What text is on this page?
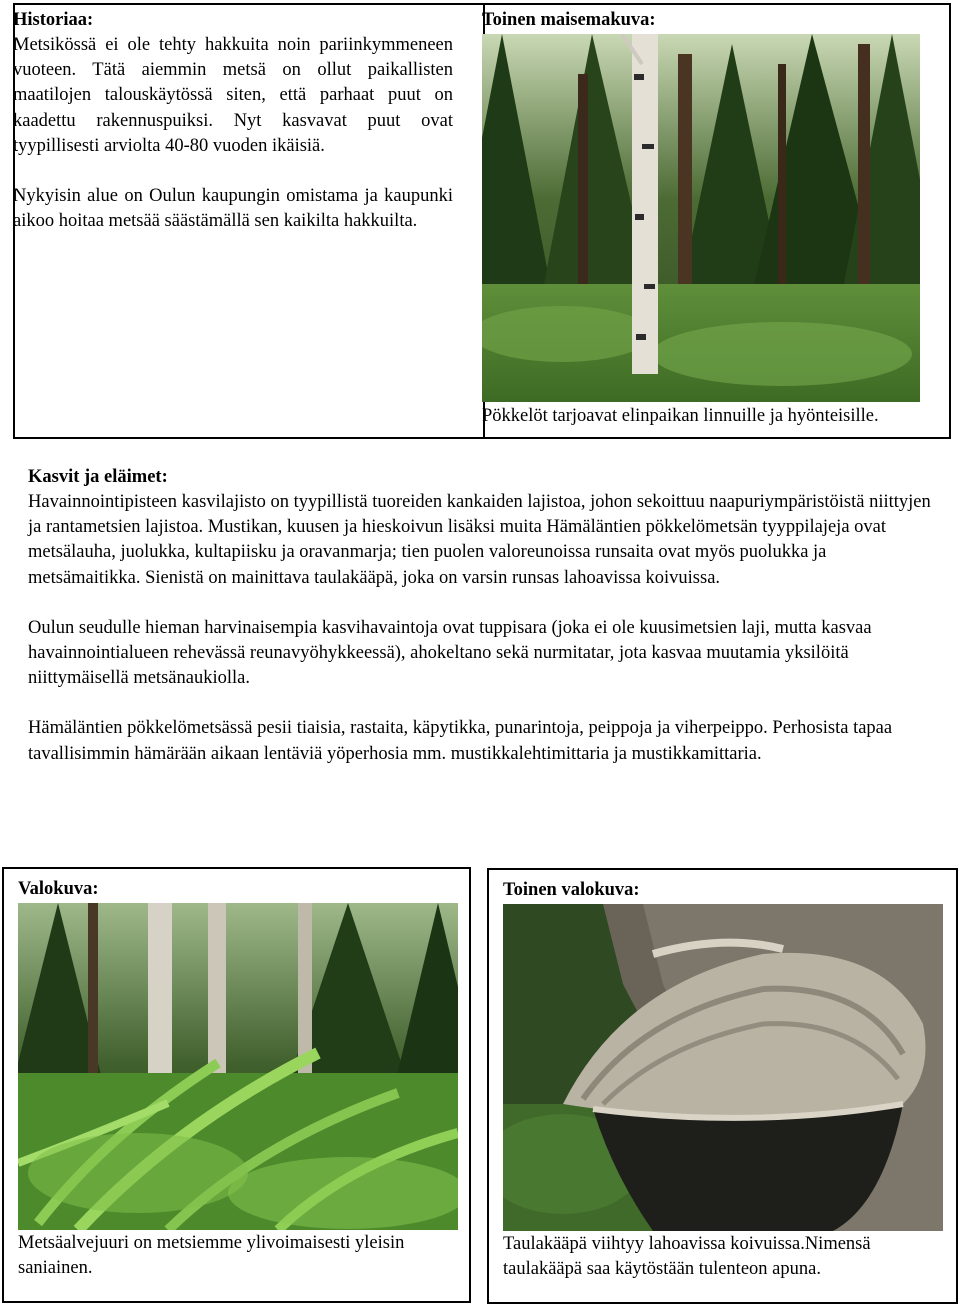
Historiaa:

Metsikössä ei ole tehty hakkuita noin pariinkymmeneen vuoteen. Tätä aiemmin metsä on ollut paikallisten maatilojen talouskäytössä siten, että parhaat puut on kaadettu rakennuspuiksi. Nyt kasvavat puut ovat tyypillisesti arviolta 40-80 vuoden ikäisiä.

Nykyisin alue on Oulun kaupungin omistama ja kaupunki aikoo hoitaa metsää säästämällä sen kaikilta hakkuilta.

Toinen maisemakuva:

Pökkelöt tarjoavat elinpaikan linnuille ja hyönteisille.

Kasvit ja eläimet:

Havainnointipisteen kasvilajisto on tyypillistä tuoreiden kankaiden lajistoa, johon sekoittuu naapuriympäristöistä niittyjen ja rantametsien lajistoa. Mustikan, kuusen ja hieskoivun lisäksi muita Hämäläntien pökkelömetsän tyyppilajeja ovat metsälauha, juolukka, kultapiisku ja oravanmarja; tien puolen valoreunoissa runsaita ovat myös puolukka ja metsämaitikka. Sienistä on mainittava taulakääpä, joka on varsin runsas lahoavissa koivuissa.

Oulun seudulle hieman harvinaisempia kasvihavaintoja ovat tuppisara (joka ei ole kuusimetsien laji, mutta kasvaa havainnointialueen rehevässä reunavyöhykkeessä), ahokeltano sekä nurmitatar, jota kasvaa muutamia yksilöitä niittymäisellä metsänaukiolla.

Hämäläntien pökkelömetsässä pesii tiaisia, rastaita, käpytikka, punarintoja, peippoja ja viherpeippo. Perhosista tapaa tavallisimmin hämärään aikaan lentäviä yöperhosia mm. mustikkalehtimittaria ja mustikkamittaria.

Valokuva:

Metsäalvejuuri on metsiemme ylivoimaisesti yleisin saniainen.

Toinen valokuva:

Taulakääpä viihtyy lahoavissa koivuissa.Nimensä taulakääpä saa käytöstään tulenteon apuna.
